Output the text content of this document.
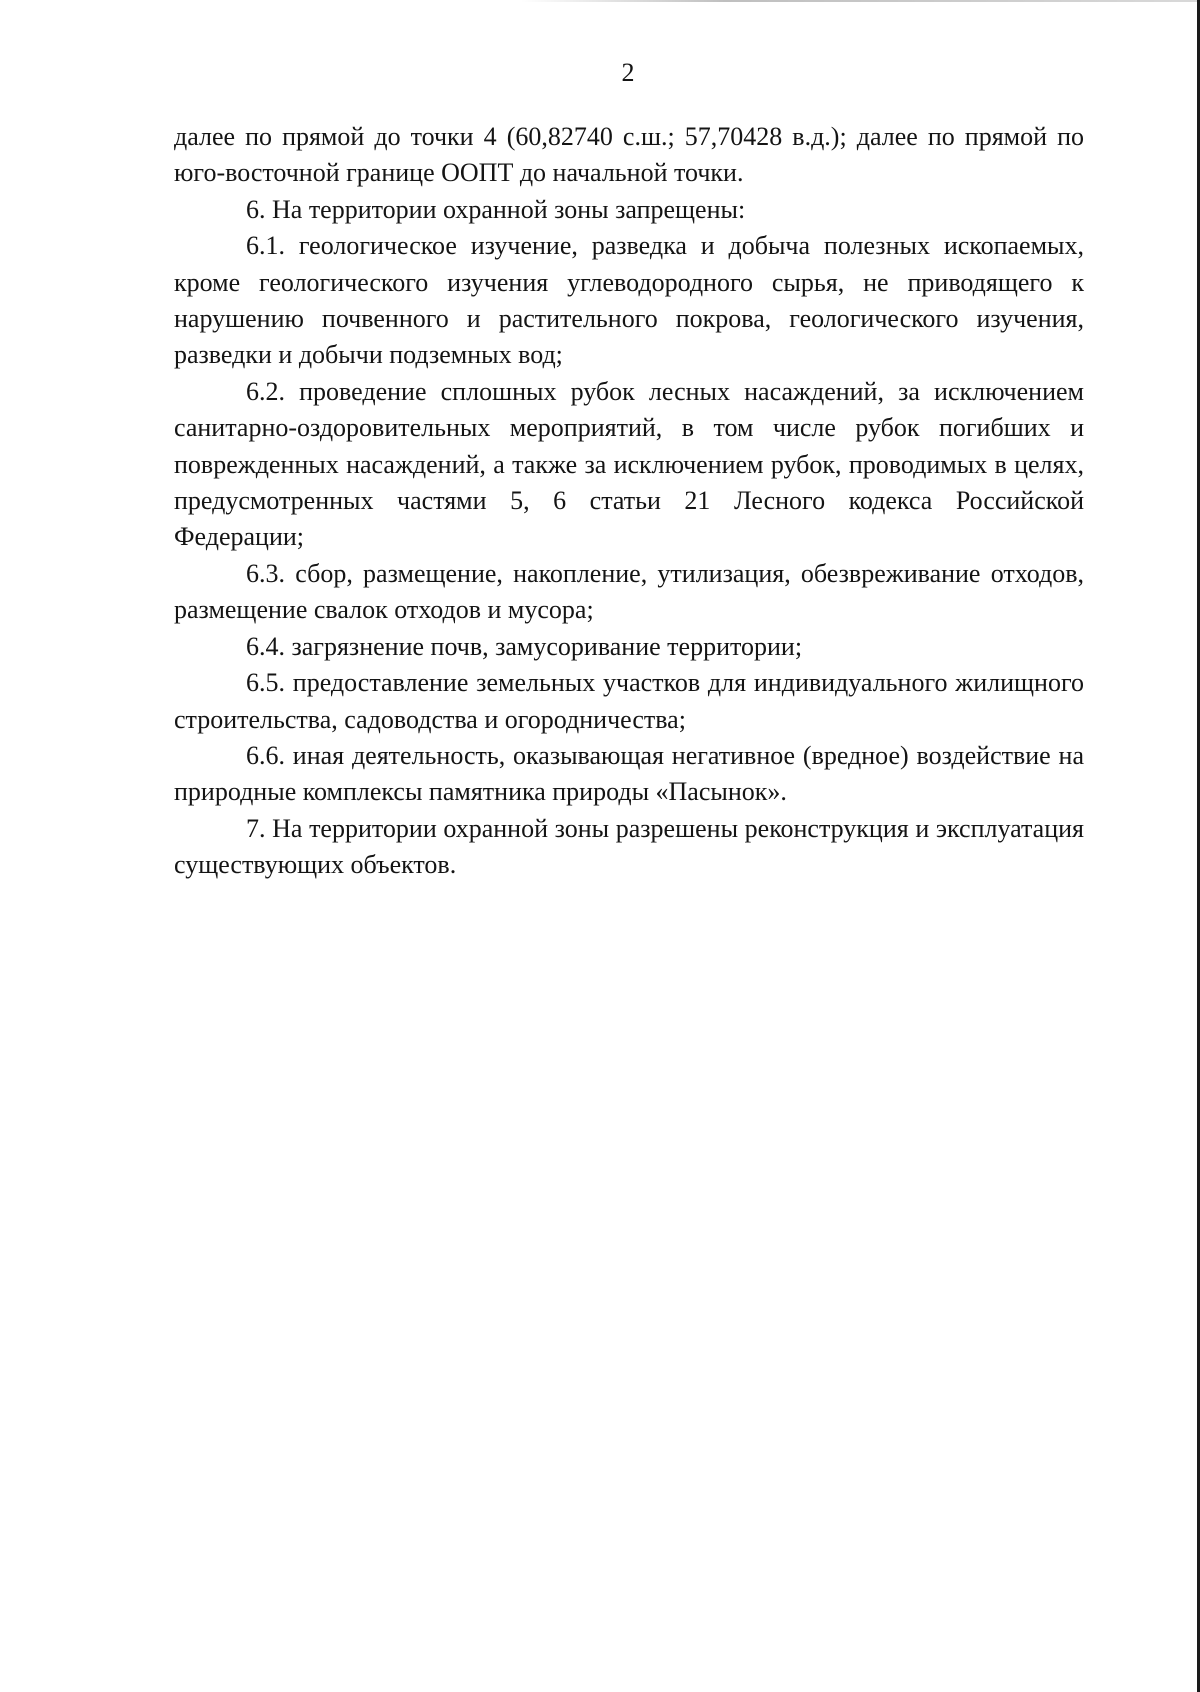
2

далее по прямой до точки 4 (60,82740 с.ш.; 57,70428 в.д.); далее по прямой по юго-восточной границе ООПТ до начальной точки.

6. На территории охранной зоны запрещены:

6.1. геологическое изучение, разведка и добыча полезных ископаемых, кроме геологического изучения углеводородного сырья, не приводящего к нарушению почвенного и растительного покрова, геологического изучения, разведки и добычи подземных вод;

6.2. проведение сплошных рубок лесных насаждений, за исключением санитарно-оздоровительных мероприятий, в том числе рубок погибших и поврежденных насаждений, а также за исключением рубок, проводимых в целях, предусмотренных частями 5, 6 статьи 21 Лесного кодекса Российской Федерации;

6.3. сбор, размещение, накопление, утилизация, обезвреживание отходов, размещение свалок отходов и мусора;

6.4. загрязнение почв, замусоривание территории;

6.5. предоставление земельных участков для индивидуального жилищного строительства, садоводства и огородничества;

6.6. иная деятельность, оказывающая негативное (вредное) воздействие на природные комплексы памятника природы «Пасынок».

7. На территории охранной зоны разрешены реконструкция и эксплуатация существующих объектов.
